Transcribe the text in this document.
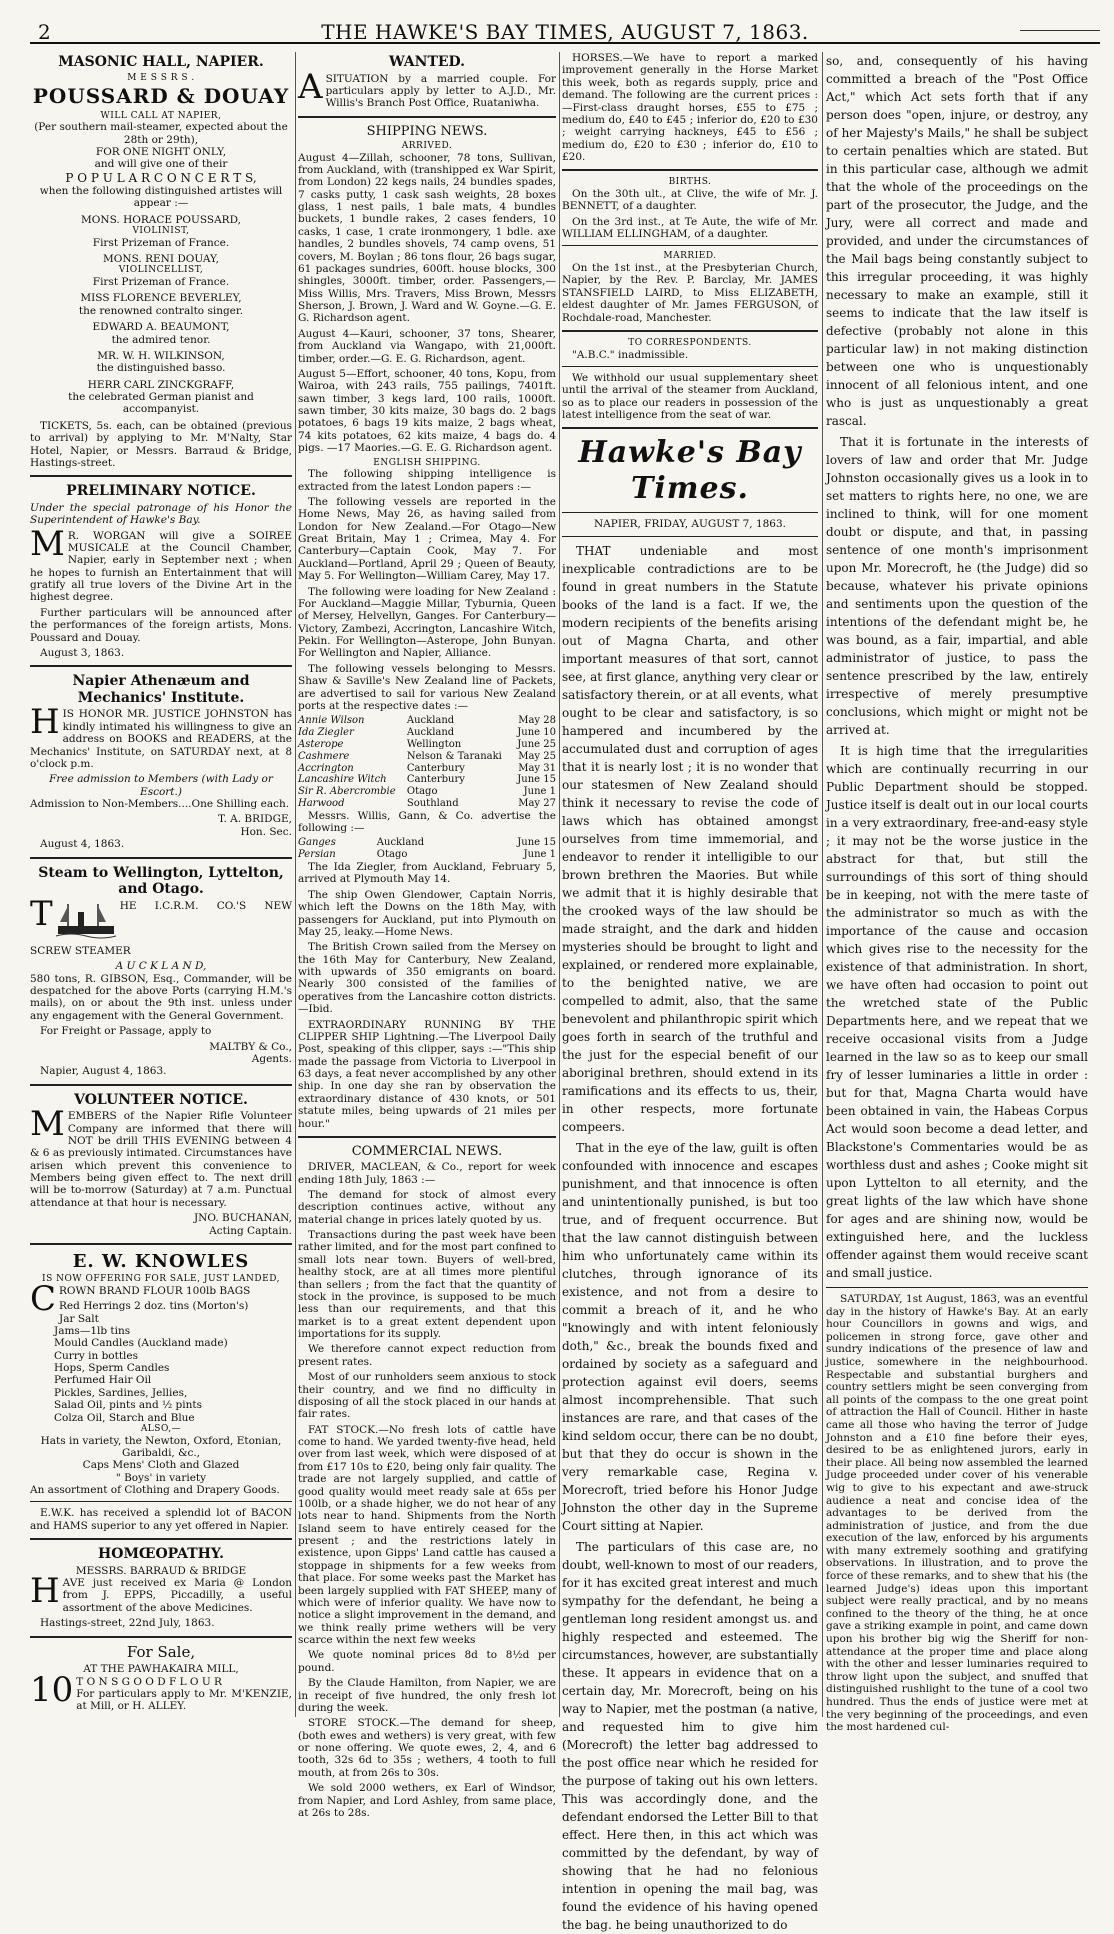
2	THE HAWKE'S BAY TIMES, AUGUST 7, 1863.
MASONIC HALL, NAPIER.
M E S S R S .
POUSSARD & DOUAY
WILL CALL AT NAPIER,
(Per southern mail-steamer, expected about the 28th or 29th),
FOR ONE NIGHT ONLY,
and will give one of their
P O P U L A R C O N C E R T S,
when the following distinguished artistes will appear :—
MONS. HORACE POUSSARD,
VIOLINIST,
First Prizeman of France.
MONS. RENI DOUAY,
VIOLINCELLIST,
First Prizeman of France.
MISS FLORENCE BEVERLEY,
the renowned contralto singer.
EDWARD A. BEAUMONT,
the admired tenor.
MR. W. H. WILKINSON,
the distinguished basso.
HERR CARL ZINCKGRAFF,
the celebrated German pianist and accompanyist.
TICKETS, 5s. each, can be obtained (previous to arrival) by applying to Mr. M'Nalty, Star Hotel, Napier, or Messrs. Barraud & Bridge, Hastings-street.
PRELIMINARY NOTICE.
Under the special patronage of his Honor the Superintendent of Hawke's Bay.
M R. WORGAN will give a SOIREE MUSICALE at the Council Chamber, Napier, early in September next ; when he hopes to furnish an Entertainment that will gratify all true lovers of the Divine Art in the highest degree.
Further particulars will be announced after the performances of the foreign artists, Mons. Poussard and Douay.
August 3, 1863.
Napier Athenæum and Mechanics' Institute.
HIS HONOR MR. JUSTICE JOHNSTON has kindly intimated his willingness to give an address on BOOKS and READERS, at the Mechanics' Institute, on SATURDAY next, at 8 o'clock p.m.
Free admission to Members (with Lady or Escort.)
Admission to Non-Members....One Shilling each.
T. A. BRIDGE,
Hon. Sec.
August 4, 1863.
Steam to Wellington, Lyttelton, and Otago.
T	HE I.C.R.M. CO.'S NEW SCREW STEAMER
A U C K L A N D,
580 tons, R. GIBSON, Esq., Commander, will be despatched for the above Ports (carrying H.M.'s mails), on or about the 9th inst. unless under any engagement with the General Government.
For Freight or Passage, apply to
MALTBY & Co.,
Agents.
Napier, August 4, 1863.
VOLUNTEER NOTICE.
MEMBERS of the Napier Rifle Volunteer Company are informed that there will NOT be drill THIS EVENING between 4 & 6 as previously intimated. Circumstances have arisen which prevent this convenience to Members being given effect to. The next drill will be to-morrow (Saturday) at 7 a.m. Punctual attendance at that hour is necessary.
JNO. BUCHANAN,
Acting Captain.
E. W. KNOWLES
IS NOW OFFERING FOR SALE, JUST LANDED,
CROWN BRAND FLOUR 100lb BAGS
Red Herrings 2 doz. tins (Morton's)
Jar Salt
Jams—1lb tins
Mould Candles (Auckland made)
Curry in bottles
Hops, Sperm Candles
Perfumed Hair Oil
Pickles, Sardines, Jellies,
Salad Oil, pints and ½ pints
Colza Oil, Starch and Blue
ALSO,—
Hats in variety, the Newton, Oxford, Etonian, Garibaldi, &c.,
Caps Mens' Cloth and Glazed
" Boys' in variety
An assortment of Clothing and Drapery Goods.
E.W.K. has received a splendid lot of BACON and HAMS superior to any yet offered in Napier.
HOMŒOPATHY.
MESSRS. BARRAUD & BRIDGE
HAVE just received ex Maria @ London from J. EPPS, Piccadilly, a useful assortment of the above Medicines.
Hastings-street, 22nd July, 1863.
For Sale,
AT THE PAWHAKAIRA MILL,
10 T O N S G O O D F L O U R
For particulars apply to Mr. M'KENZIE, at Mill, or H. ALLEY.
WANTED.
ASITUATION by a married couple. For particulars apply by letter to A.J.D., Mr. Willis's Branch Post Office, Ruataniwha.
SHIPPING NEWS.
ARRIVED.
August 4—Zillah, schooner, 78 tons, Sullivan, from Auckland, with (transhipped ex War Spirit, from London) 22 kegs nails, 24 bundles spades, 7 casks putty, 1 cask sash weights, 28 boxes glass, 1 nest pails, 1 bale mats, 4 bundles buckets, 1 bundle rakes, 2 cases fenders, 10 casks, 1 case, 1 crate ironmongery, 1 bdle. axe handles, 2 bundles shovels, 74 camp ovens, 51 covers, M. Boylan ; 86 tons flour, 26 bags sugar, 61 packages sundries, 600ft. house blocks, 300 shingles, 3000ft. timber, order. Passengers,—Miss Willis, Mrs. Travers, Miss Brown, Messrs Sherson, J. Brown, J. Ward and W. Goyne.—G. E. G. Richardson agent.
August 4—Kauri, schooner, 37 tons, Shearer, from Auckland via Wangapo, with 21,000ft. timber, order.—G. E. G. Richardson, agent.
August 5—Effort, schooner, 40 tons, Kopu, from Wairoa, with 243 rails, 755 pailings, 7401ft. sawn timber, 3 kegs lard, 100 rails, 1000ft. sawn timber, 30 kits maize, 30 bags do. 2 bags potatoes, 6 bags 19 kits maize, 2 bags wheat, 74 kits potatoes, 62 kits maize, 4 bags do. 4 pigs. —17 Maories.—G. E. G. Richardson agent.
ENGLISH SHIPPING.
The following shipping intelligence is extracted from the latest London papers :—
The following vessels are reported in the Home News, May 26, as having sailed from London for New Zealand.—For Otago—New Great Britain, May 1 ; Crimea, May 4. For Canterbury—Captain Cook, May 7. For Auckland—Portland, April 29 ; Queen of Beauty, May 5. For Wellington—William Carey, May 17.
The following were loading for New Zealand : For Auckland—Maggie Millar, Tyburnia, Queen of Mersey, Helvellyn, Ganges. For Canterbury—Victory, Zambezi, Accrington, Lancashire Witch, Pekin. For Wellington—Asterope, John Bunyan. For Wellington and Napier, Alliance.
The following vessels belonging to Messrs. Shaw & Saville's New Zealand line of Packets, are advertised to sail for various New Zealand ports at the respective dates :—
Annie Wilson	Auckland	May 28
Ida Ziegler	Auckland	June 10
Asterope	Wellington	June 25
Cashmere	Nelson & Taranaki	May 25
Accrington	Canterbury	May 31
Lancashire Witch	Canterbury	June 15
Sir R. Abercrombie	Otago	June 1
Harwood	Southland	May 27
Messrs. Willis, Gann, & Co. advertise the following :—
Ganges	Auckland	June 15
Persian	Otago	June 1
The Ida Ziegler, from Auckland, February 5, arrived at Plymouth May 14.
The ship Owen Glendower, Captain Norris, which left the Downs on the 18th May, with passengers for Auckland, put into Plymouth on May 25, leaky.—Home News.
The British Crown sailed from the Mersey on the 16th May for Canterbury, New Zealand, with upwards of 350 emigrants on board. Nearly 300 consisted of the families of operatives from the Lancashire cotton districts.—Ibid.
EXTRAORDINARY RUNNING BY THE CLIPPER SHIP Lightning.—The Liverpool Daily Post, speaking of this clipper, says :—"This ship made the passage from Victoria to Liverpool in 63 days, a feat never accomplished by any other ship. In one day she ran by observation the extraordinary distance of 430 knots, or 501 statute miles, being upwards of 21 miles per hour."
COMMERCIAL NEWS.
DRIVER, MACLEAN, & Co., report for week ending 18th July, 1863 :—
The demand for stock of almost every description continues active, without any material change in prices lately quoted by us.
Transactions during the past week have been rather limited, and for the most part confined to small lots near town. Buyers of well-bred, healthy stock, are at all times more plentiful than sellers ; from the fact that the quantity of stock in the province, is supposed to be much less than our requirements, and that this market is to a great extent dependent upon importations for its supply.
We therefore cannot expect reduction from present rates.
Most of our runholders seem anxious to stock their country, and we find no difficulty in disposing of all the stock placed in our hands at fair rates.
FAT STOCK.—No fresh lots of cattle have come to hand. We yarded twenty-five head, held over from last week, which were disposed of at from £17 10s to £20, being only fair quality. The trade are not largely supplied, and cattle of good quality would meet ready sale at 65s per 100lb, or a shade higher, we do not hear of any lots near to hand. Shipments from the North Island seem to have entirely ceased for the present ; and the restrictions lately in existence, upon Gipps' Land cattle has caused a stoppage in shipments for a few weeks from that place. For some weeks past the Market has been largely supplied with FAT SHEEP, many of which were of inferior quality. We have now to notice a slight improvement in the demand, and we think really prime wethers will be very scarce within the next few weeks
We quote nominal prices 8d to 8½d per pound.
By the Claude Hamilton, from Napier, we are in receipt of five hundred, the only fresh lot during the week.
STORE STOCK.—The demand for sheep, (both ewes and wethers) is very great, with few or none offering. We quote ewes, 2, 4, and 6 tooth, 32s 6d to 35s ; wethers, 4 tooth to full mouth, at from 26s to 30s.
We sold 2000 wethers, ex Earl of Windsor, from Napier, and Lord Ashley, from same place, at 26s to 28s.
HORSES.—We have to report a marked improvement generally in the Horse Market this week, both as regards supply, price and demand. The following are the current prices :—First-class draught horses, £55 to £75 ; medium do, £40 to £45 ; inferior do, £20 to £30 ; weight carrying hackneys, £45 to £56 ; medium do, £20 to £30 ; inferior do, £10 to £20.
BIRTHS.
On the 30th ult., at Clive, the wife of Mr. J. BENNETT, of a daughter.
On the 3rd inst., at Te Aute, the wife of Mr. WILLIAM ELLINGHAM, of a daughter.
MARRIED.
On the 1st inst., at the Presbyterian Church, Napier, by the Rev. P. Barclay, Mr. JAMES STANSFIELD LAIRD, to Miss ELIZABETH, eldest daughter of Mr. James FERGUSON, of Rochdale-road, Manchester.
TO CORRESPONDENTS.
"A.B.C." inadmissible.
We withhold our usual supplementary sheet until the arrival of the steamer from Auckland, so as to place our readers in possession of the latest intelligence from the seat of war.
Hawke's Bay Times.
NAPIER, FRIDAY, AUGUST 7, 1863.
THAT undeniable and most inexplicable contradictions are to be found in great numbers in the Statute books of the land is a fact. If we, the modern recipients of the benefits arising out of Magna Charta, and other important measures of that sort, cannot see, at first glance, anything very clear or satisfactory therein, or at all events, what ought to be clear and satisfactory, is so hampered and incumbered by the accumulated dust and corruption of ages that it is nearly lost ; it is no wonder that our statesmen of New Zealand should think it necessary to revise the code of laws which has obtained amongst ourselves from time immemorial, and endeavor to render it intelligible to our brown brethren the Maories. But while we admit that it is highly desirable that the crooked ways of the law should be made straight, and the dark and hidden mysteries should be brought to light and explained, or rendered more explainable, to the benighted native, we are compelled to admit, also, that the same benevolent and philanthropic spirit which goes forth in search of the truthful and the just for the especial benefit of our aboriginal brethren, should extend in its ramifications and its effects to us, their, in other respects, more fortunate compeers.
That in the eye of the law, guilt is often confounded with innocence and escapes punishment, and that innocence is often and unintentionally punished, is but too true, and of frequent occurrence. But that the law cannot distinguish between him who unfortunately came within its clutches, through ignorance of its existence, and not from a desire to commit a breach of it, and he who "knowingly and with intent feloniously doth," &c., break the bounds fixed and ordained by society as a safeguard and protection against evil doers, seems almost incomprehensible. That such instances are rare, and that cases of the kind seldom occur, there can be no doubt, but that they do occur is shown in the very remarkable case, Regina v. Morecroft, tried before his Honor Judge Johnston the other day in the Supreme Court sitting at Napier.
The particulars of this case are, no doubt, well-known to most of our readers, for it has excited great interest and much sympathy for the defendant, he being a gentleman long resident amongst us. and highly respected and esteemed. The circumstances, however, are substantially these. It appears in evidence that on a certain day, Mr. Morecroft, being on his way to Napier, met the postman (a native, and requested him to give him (Morecroft) the letter bag addressed to the post office near which he resided for the purpose of taking out his own letters. This was accordingly done, and the defendant endorsed the Letter Bill to that effect. Here then, in this act which was committed by the defendant, by way of showing that he had no felonious intention in opening the mail bag, was found the evidence of his having opened the bag. he being unauthorized to do
so, and, consequently of his having committed a breach of the "Post Office Act," which Act sets forth that if any person does "open, injure, or destroy, any of her Majesty's Mails," he shall be subject to certain penalties which are stated. But in this particular case, although we admit that the whole of the proceedings on the part of the prosecutor, the Judge, and the Jury, were all correct and made and provided, and under the circumstances of the Mail bags being constantly subject to this irregular proceeding, it was highly necessary to make an example, still it seems to indicate that the law itself is defective (probably not alone in this particular law) in not making distinction between one who is unquestionably innocent of all felonious intent, and one who is just as unquestionably a great rascal.
That it is fortunate in the interests of lovers of law and order that Mr. Judge Johnston occasionally gives us a look in to set matters to rights here, no one, we are inclined to think, will for one moment doubt or dispute, and that, in passing sentence of one month's imprisonment upon Mr. Morecroft, he (the Judge) did so because, whatever his private opinions and sentiments upon the question of the intentions of the defendant might be, he was bound, as a fair, impartial, and able administrator of justice, to pass the sentence prescribed by the law, entirely irrespective of merely presumptive conclusions, which might or might not be arrived at.
It is high time that the irregularities which are continually recurring in our Public Department should be stopped. Justice itself is dealt out in our local courts in a very extraordinary, free-and-easy style ; it may not be the worse justice in the abstract for that, but still the surroundings of this sort of thing should be in keeping, not with the mere taste of the administrator so much as with the importance of the cause and occasion which gives rise to the necessity for the existence of that administration. In short, we have often had occasion to point out the wretched state of the Public Departments here, and we repeat that we receive occasional visits from a Judge learned in the law so as to keep our small fry of lesser luminaries a little in order : but for that, Magna Charta would have been obtained in vain, the Habeas Corpus Act would soon become a dead letter, and Blackstone's Commentaries would be as worthless dust and ashes ; Cooke might sit upon Lyttelton to all eternity, and the great lights of the law which have shone for ages and are shining now, would be extinguished here, and the luckless offender against them would receive scant and small justice.
SATURDAY, 1st August, 1863, was an eventful day in the history of Hawke's Bay. At an early hour Councillors in gowns and wigs, and policemen in strong force, gave other and sundry indications of the presence of law and justice, somewhere in the neighbourhood. Respectable and substantial burghers and country settlers might be seen converging from all points of the compass to the one great point of attraction the Hall of Council. Hither in haste came all those who having the terror of Judge Johnston and a £10 fine before their eyes, desired to be as enlightened jurors, early in their place. All being now assembled the learned Judge proceeded under cover of his venerable wig to give to his expectant and awe-struck audience a neat and concise idea of the advantages to be derived from the administration of justice, and from the due execution of the law, enforced by his arguments with many extremely soothing and gratifying observations. In illustration, and to prove the force of these remarks, and to shew that his (the learned Judge's) ideas upon this important subject were really practical, and by no means confined to the theory of the thing, he at once gave a striking example in point, and came down upon his brother big wig the Sheriff for non-attendance at the proper time and place along with the other and lesser luminaries required to throw light upon the subject, and snuffed that distinguished rushlight to the tune of a cool two hundred. Thus the ends of justice were met at the very beginning of the proceedings, and even the most hardened cul-
